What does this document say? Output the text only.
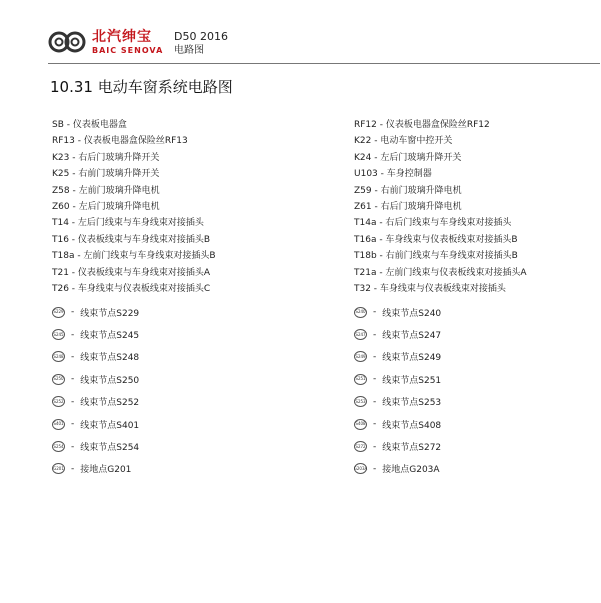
北汽绅宝
BAIC SENOVA
D50 2016
电路图
10.31 电动车窗系统电路图
SB - 仪表板电器盒
RF13 - 仪表板电器盒保险丝RF13
K23 - 右后门玻璃升降开关
K25 - 右前门玻璃升降开关
Z58 - 左前门玻璃升降电机
Z60 - 左后门玻璃升降电机
T14 - 左后门线束与车身线束对接插头
T16 - 仪表板线束与车身线束对接插头B
T18a - 左前门线束与车身线束对接插头B
T21 - 仪表板线束与车身线束对接插头A
T26 - 车身线束与仪表板线束对接插头C
RF12 - 仪表板电器盒保险丝RF12
K22 - 电动车窗中控开关
K24 - 左后门玻璃升降开关
U103 - 车身控制器
Z59 - 右前门玻璃升降电机
Z61 - 右后门玻璃升降电机
T14a - 右后门线束与车身线束对接插头
T16a - 车身线束与仪表板线束对接插头B
T18b - 右前门线束与车身线束对接插头B
T21a - 左前门线束与仪表板线束对接插头A
T32 - 车身线束与仪表板线束对接插头
S229 - 线束节点S229
S245 - 线束节点S245
S248 - 线束节点S248
S250 - 线束节点S250
S252 - 线束节点S252
S401 - 线束节点S401
S254 - 线束节点S254
G201 - 接地点G201
S240 - 线束节点S240
S247 - 线束节点S247
S249 - 线束节点S249
S251 - 线束节点S251
S253 - 线束节点S253
S408 - 线束节点S408
S272 - 线束节点S272
G203A - 接地点G203A
